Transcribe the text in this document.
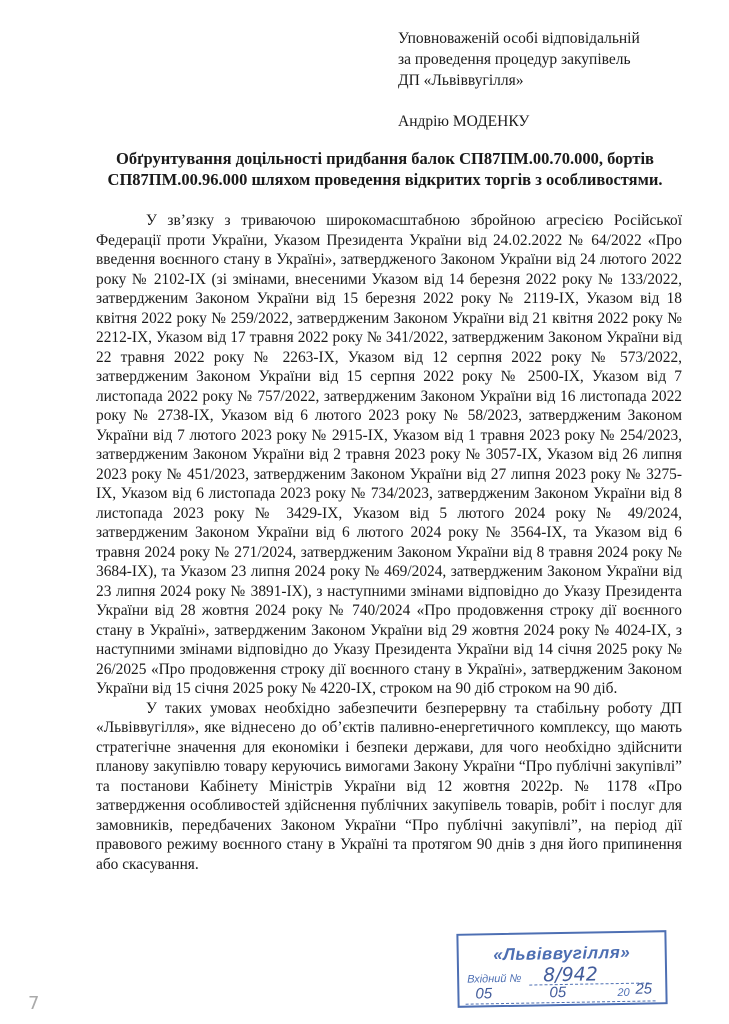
Уповноваженій особі відповідальній
за проведення процедур закупівель
ДП «Львіввугілля»
Андрію МОДЕНКУ
Обґрунтування доцільності придбання балок СП87ПМ.00.70.000, бортів
СП87ПМ.00.96.000 шляхом проведення відкритих торгів з особливостями.

У зв’язку з триваючою широкомасштабною збройною агресією Російської Федерації проти України, Указом Президента України від 24.02.2022 № 64/2022 «Про введення воєнного стану в Україні», затвердженого Законом України від 24 лютого 2022 року № 2102-ІХ (зі змінами, внесеними Указом від 14 березня 2022 року № 133/2022, затвердженим Законом України від 15 березня 2022 року № 2119-ІХ, Указом від 18 квітня 2022 року № 259/2022, затвердженим Законом України від 21 квітня 2022 року № 2212-ІХ, Указом від 17 травня 2022 року № 341/2022, затвердженим Законом України від 22 травня 2022 року № 2263-ІХ, Указом від 12 серпня 2022 року № 573/2022, затвердженим Законом України від 15 серпня 2022 року № 2500-ІХ, Указом від 7 листопада 2022 року № 757/2022, затвердженим Законом України від 16 листопада 2022 року № 2738-ІХ, Указом від 6 лютого 2023 року № 58/2023, затвердженим Законом України від 7 лютого 2023 року № 2915-ІХ, Указом від 1 травня 2023 року № 254/2023, затвердженим Законом України від 2 травня 2023 року № 3057-ІХ, Указом від 26 липня 2023 року № 451/2023, затвердженим Законом України від 27 липня 2023 року № 3275-ІХ, Указом від 6 листопада 2023 року № 734/2023, затвердженим Законом України від 8 листопада 2023 року № 3429-ІХ, Указом від 5 лютого 2024 року № 49/2024, затвердженим Законом України від 6 лютого 2024 року № 3564-ІХ, та Указом від 6 травня 2024 року № 271/2024, затвердженим Законом України від 8 травня 2024 року № 3684-ІХ), та Указом 23 липня 2024 року № 469/2024, затвердженим Законом України від 23 липня 2024 року № 3891-ІХ), з наступними змінами відповідно до Указу Президента України від 28 жовтня 2024 року № 740/2024 «Про продовження строку дії воєнного стану в Україні», затвердженим Законом України від 29 жовтня 2024 року № 4024-ІХ, з наступними змінами відповідно до Указу Президента України від 14 січня 2025 року № 26/2025 «Про продовження строку дії воєнного стану в Україні», затвердженим Законом України від 15 січня 2025 року № 4220-ІХ, строком на 90 діб строком на 90 діб.

У таких умовах необхідно забезпечити безперервну та стабільну роботу ДП «Львіввугілля», яке віднесено до об’єктів паливно-енергетичного комплексу, що мають стратегічне значення для економіки і безпеки держави, для чого необхідно здійснити планову закупівлю товару керуючись вимогами Закону України “Про публічні закупівлі” та постанови Кабінету Міністрів України від 12 жовтня 2022р. № 1178 «Про затвердження особливостей здійснення публічних закупівель товарів, робіт і послуг для замовників, передбачених Законом України “Про публічні закупівлі”, на період дії правового режиму воєнного стану в Україні та протягом 90 днів з дня його припинення або скасування.

«Львіввугілля»
Вхідний № 8/942
05	05	20 25
7
